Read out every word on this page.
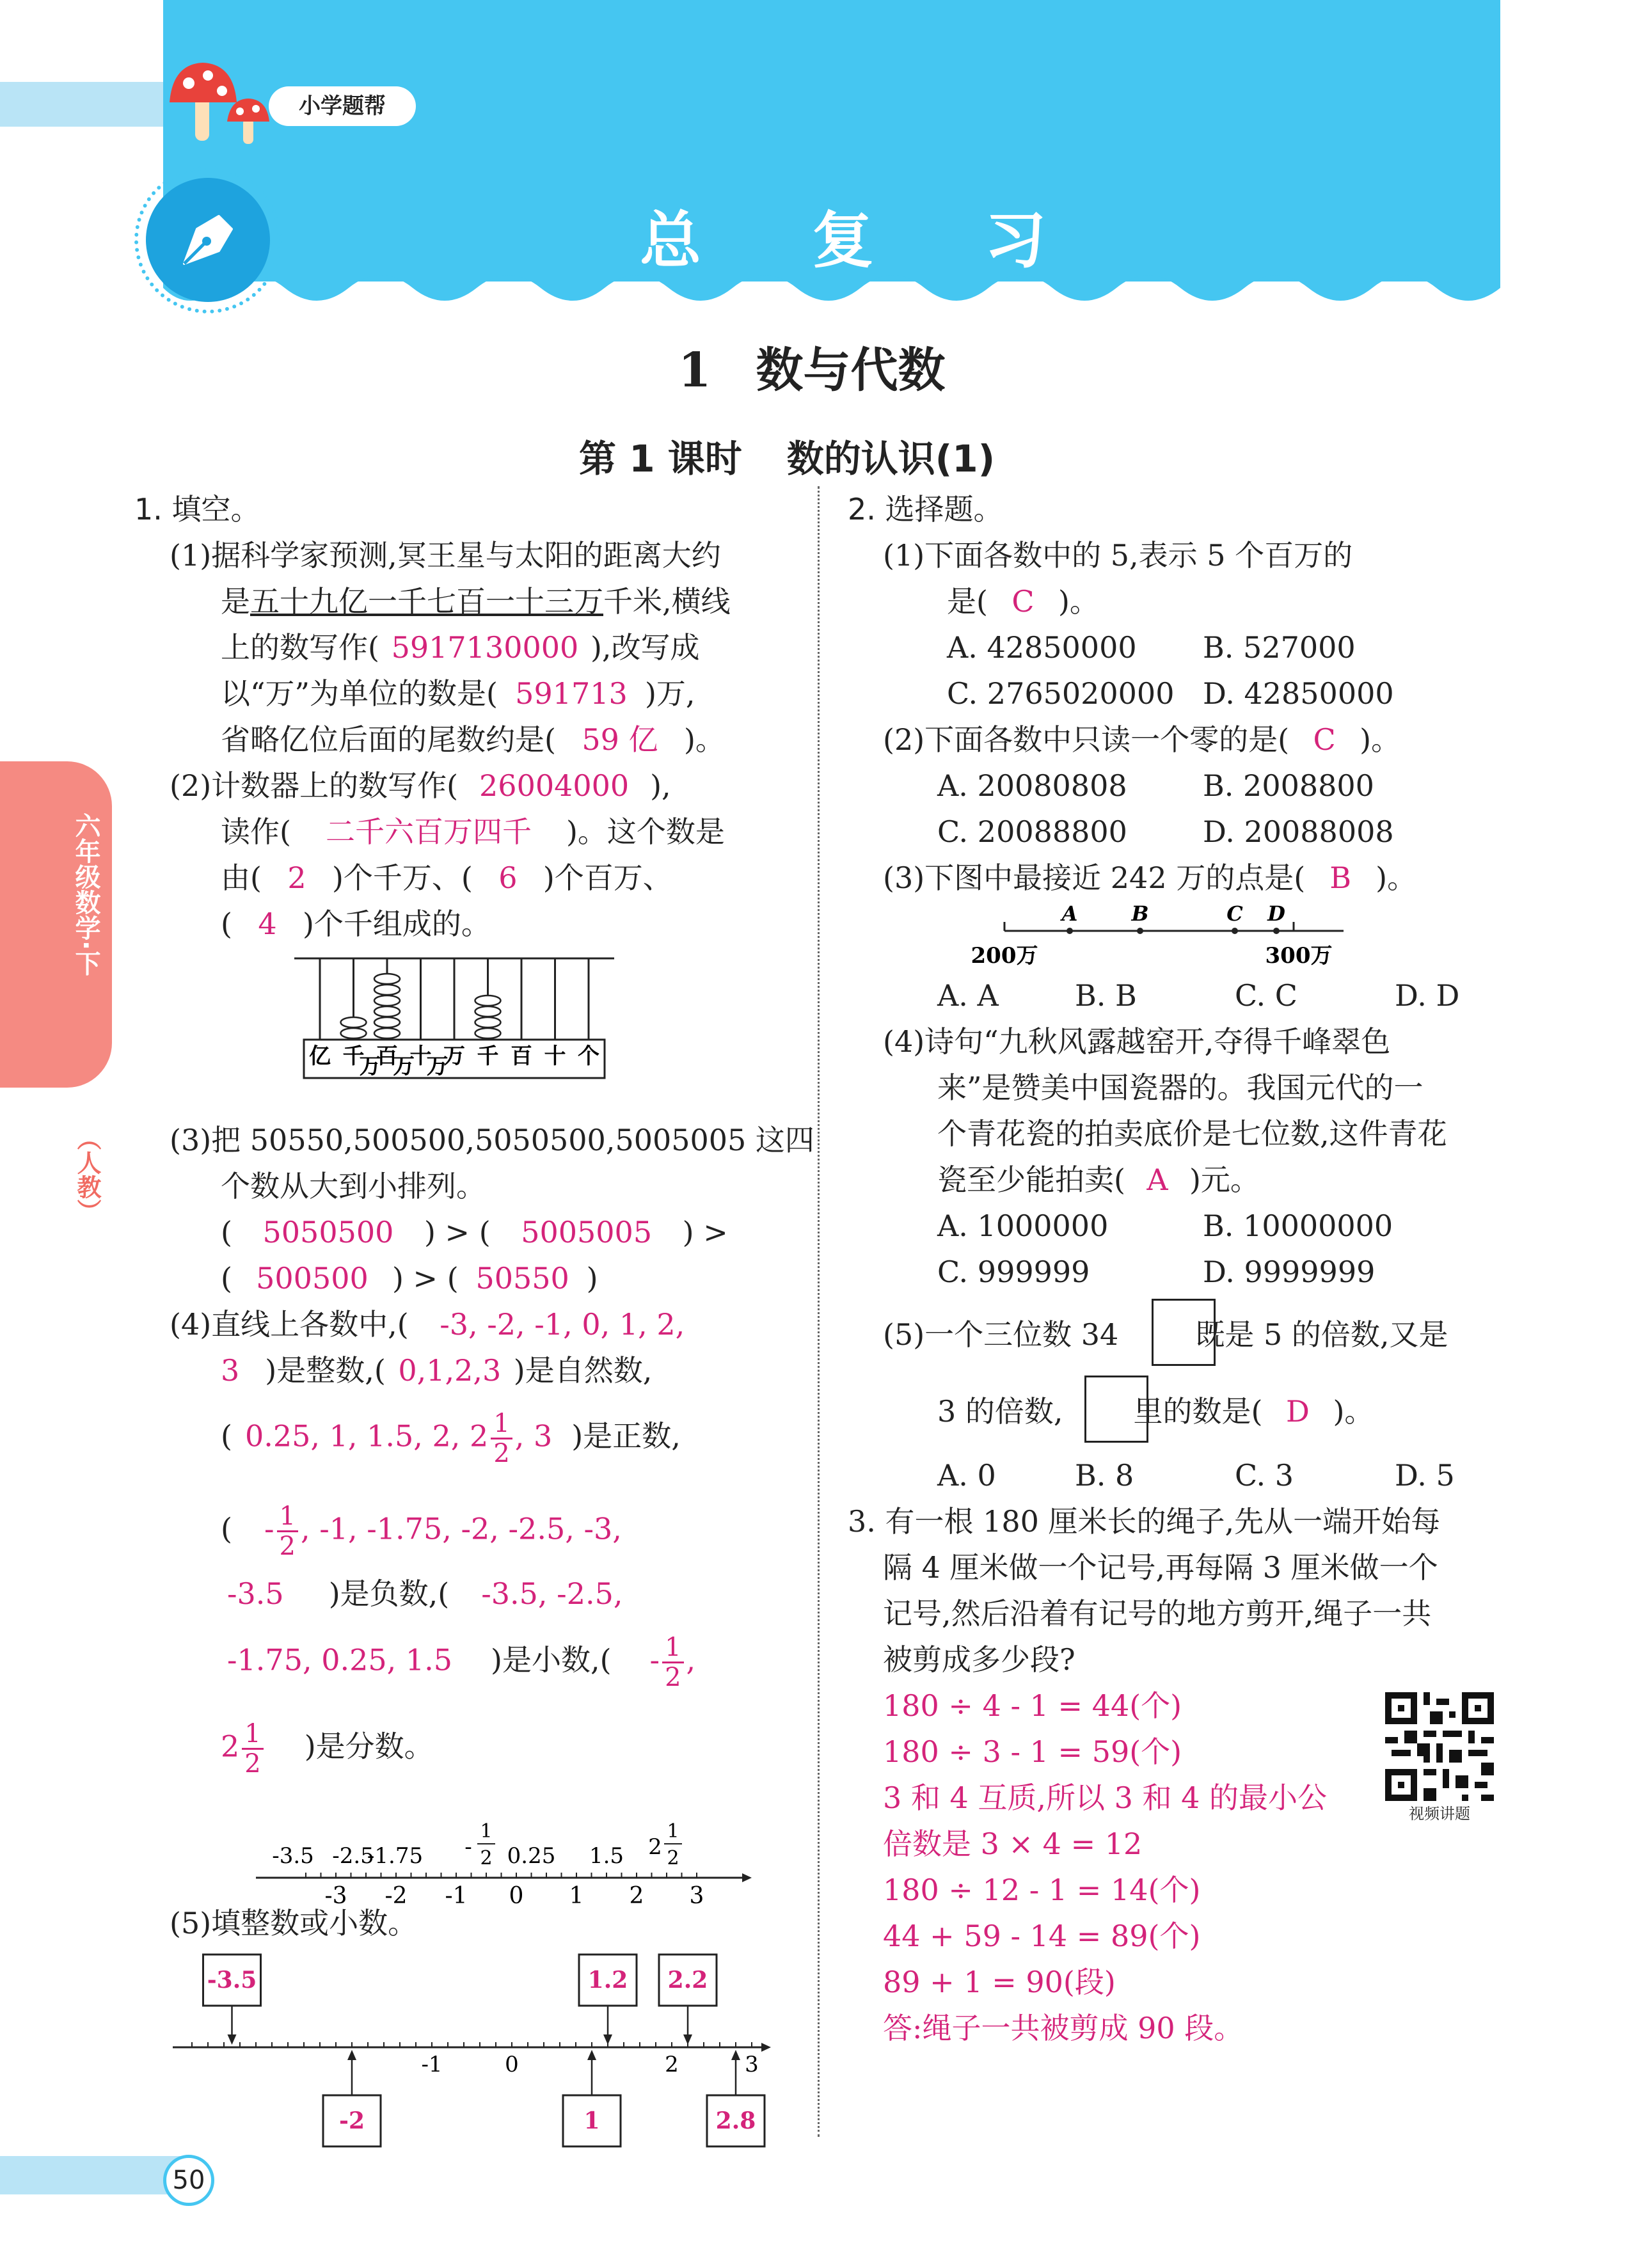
小学题帮
总 复 习
六年级数学·下
（人教）
1 数与代数
第 1 课时 数的认识(1)
1. 填空。
(1)据科学家预测,冥王星与太阳的距离大约
是五十九亿一千七百一十三万千米,横线
上的数写作( 5917130000 ),改写成
以“万”为单位的数是( 591713 )万,
省略亿位后面的尾数约是( 59 亿 )。
(2)计数器上的数写作( 26004000 ),
读作( 二千六百万四千 )。这个数是
由( 2 )个千万、( 6 )个百万、
( 4 )个千组成的。
亿 千
万
百
万
十
万
万 千 百 十 个
(3)把 50550,500500,5050500,5005005 这四
个数从大到小排列。
( 5050500 ) > ( 5005005 ) >
( 500500 ) > ( 50550 )
(4)直线上各数中,( -3, -2, -1, 0, 1, 2,
3 )是整数,( 0,1,2,3 )是自然数,
( 0.25, 1, 1.5, 2, $2 \frac{1}{2}$ , 3 )是正数,
( - $\frac{1}{2}$ , -1, -1.75, -2, -2.5, -3,
-3.5 )是负数,( -3.5, -2.5,
-1.75, 0.25, 1.5 )是小数,( - $\frac{1}{2}$ ,
$2 \frac{1}{2}$ )是分数。
-3 -2 -1 0 1 2 3
-3.5 -2.5
-1.75	0.25 1.5
-
1
2	2
1
2
(5)填整数或小数。
-1	0	2	3
-3.5	1.2 2.2
-2	1	2.8
50
2. 选择题。
(1)下面各数中的 5,表示 5 个百万的
是( C )。
A. 42850000 B. 527000
C. 2765020000 D. 42850000
(2)下面各数中只读一个零的是( C )。
A. 20080808	B. 2008800
C. 20088800	D. 20088008
(3)下图中最接近 242 万的点是( B )。
A	B	C D
200万	300万
A. A	B. B	C. C	D. D
(4)诗句“九秋风露越窑开,夺得千峰翠色
来”是赞美中国瓷器的。我国元代的一
个青花瓷的拍卖底价是七位数,这件青花
瓷至少能拍卖( A )元。
A. 1000000	B. 10000000
C. 999999	D. 9999999
(5)一个三位数 34	既是 5 的倍数,又是
3 的倍数, 里的数是( D )。
A. 0	B. 8	C. 3	D. 5
3. 有一根 180 厘米长的绳子,先从一端开始每
隔 4 厘米做一个记号,再每隔 3 厘米做一个
记号,然后沿着有记号的地方剪开,绳子一共
被剪成多少段?
180 ÷ 4 - 1 = 44(个)
180 ÷ 3 - 1 = 59(个)
3 和 4 互质,所以 3 和 4 的最小公
倍数是 3 × 4 = 12
180 ÷ 12 - 1 = 14(个)
44 + 59 - 14 = 89(个)
89 + 1 = 90(段)
答:绳子一共被剪成 90 段。
视频讲题
